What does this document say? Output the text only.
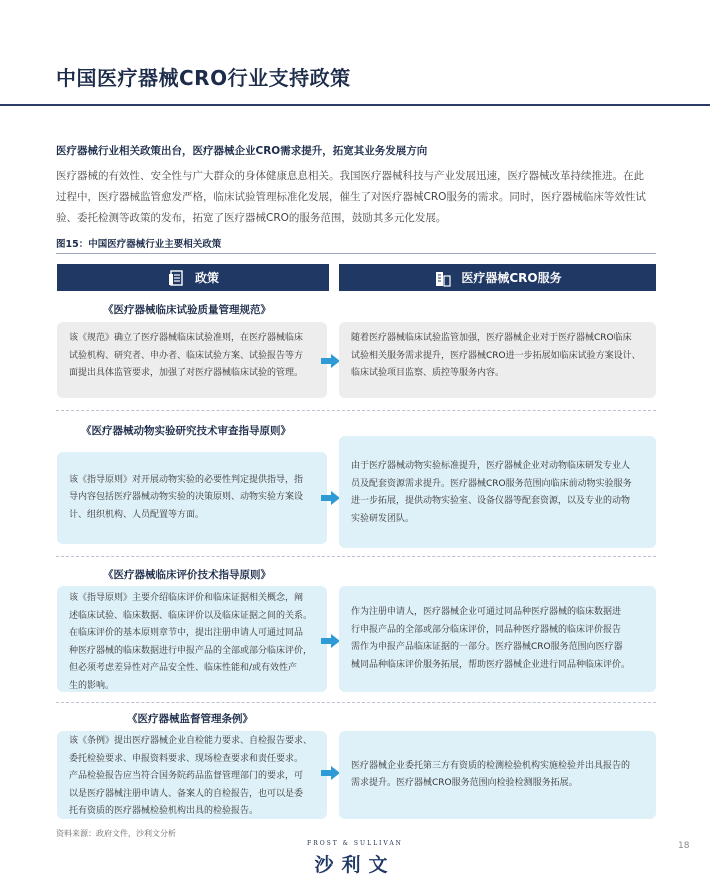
中国医疗器械CRO行业支持政策
医疗器械行业相关政策出台，医疗器械企业CRO需求提升，拓宽其业务发展方向
医疗器械的有效性、安全性与广大群众的身体健康息息相关。我国医疗器械科技与产业发展迅速，医疗器械改革持续推进。在此
过程中，医疗器械监管愈发严格，临床试验管理标准化发展，催生了对医疗器械CRO服务的需求。同时，医疗器械临床等效性试
验、委托检测等政策的发布，拓宽了医疗器械CRO的服务范围，鼓励其多元化发展。
图15：中国医疗器械行业主要相关政策
政策	医疗器械CRO服务
《医疗器械临床试验质量管理规范》
该《规范》确立了医疗器械临床试验准则，在医疗器械临床
试验机构、研究者、申办者、临床试验方案、试验报告等方
面提出具体监管要求，加强了对医疗器械临床试验的管理。
随着医疗器械临床试验监管加强，医疗器械企业对于医疗器械CRO临床
试验相关服务需求提升，医疗器械CRO进一步拓展如临床试验方案设计、
临床试验项目监察、质控等服务内容。
《医疗器械动物实验研究技术审查指导原则》
该《指导原则》对开展动物实验的必要性判定提供指导，指
导内容包括医疗器械动物实验的决策原则、动物实验方案设
计、组织机构、人员配置等方面。
由于医疗器械动物实验标准提升，医疗器械企业对动物临床研发专业人
员及配套资源需求提升。医疗器械CRO服务范围向临床前动物实验服务
进一步拓展，提供动物实验室、设备仪器等配套资源，以及专业的动物
实验研发团队。
《医疗器械临床评价技术指导原则》
该《指导原则》主要介绍临床评价和临床证据相关概念，阐
述临床试验、临床数据、临床评价以及临床证据之间的关系。
在临床评价的基本原则章节中，提出注册申请人可通过同品
种医疗器械的临床数据进行申报产品的全部或部分临床评价，
但必须考虑差异性对产品安全性、临床性能和/或有效性产
生的影响。
作为注册申请人，医疗器械企业可通过同品种医疗器械的临床数据进
行申报产品的全部或部分临床评价，同品种医疗器械的临床评价报告
需作为申报产品临床证据的一部分。医疗器械CRO服务范围向医疗器
械同品种临床评价服务拓展，帮助医疗器械企业进行同品种临床评价。
《医疗器械监督管理条例》
该《条例》提出医疗器械企业自检能力要求、自检报告要求、
委托检验要求、申报资料要求、现场检查要求和责任要求。
产品检验报告应当符合国务院药品监督管理部门的要求，可
以是医疗器械注册申请人、备案人的自检报告，也可以是委
托有资质的医疗器械检验机构出具的检验报告。
医疗器械企业委托第三方有资质的检测检验机构实施检验并出具报告的
需求提升。医疗器械CRO服务范围向检验检测服务拓展。
资料来源：政府文件，沙利文分析
FROST & SULLIVAN
沙利文
18
